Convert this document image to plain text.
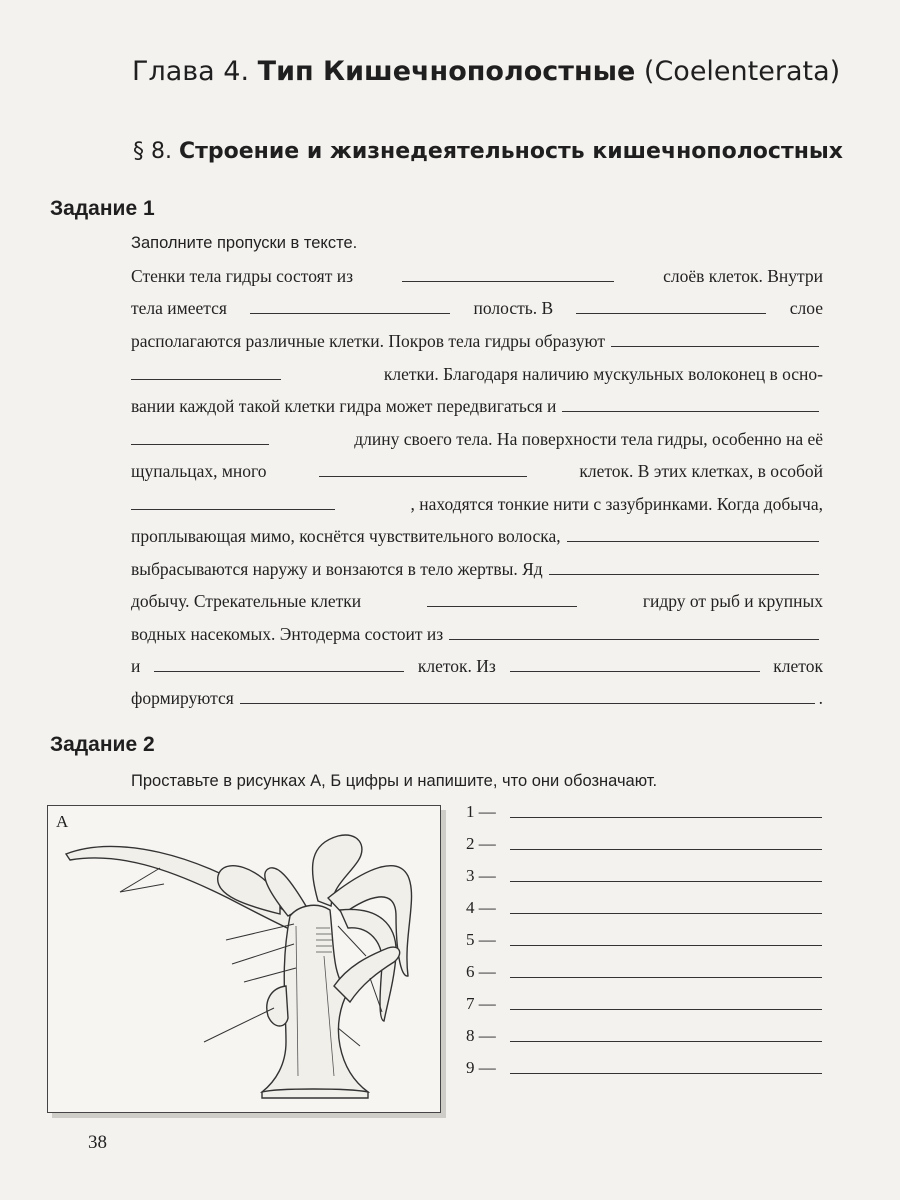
Глава 4. Тип Кишечнополостные (Coelenterata)
§ 8. Строение и жизнедеятельность кишечнополостных
Задание 1
Заполните пропуски в тексте.
Стенки тела гидры состоят из	слоёв клеток. Внутри
тела имеется	полость. В	слое
располагаются различные клетки. Покров тела гидры образуют
клетки. Благодаря наличию мускульных волоконец в осно-
вании каждой такой клетки гидра может передвигаться и
длину своего тела. На поверхности тела гидры, особенно на её
щупальцах, много	клеток. В этих клетках, в особой
, находятся тонкие нити с зазубринками. Когда добыча,
проплывающая мимо, коснётся чувствительного волоска,
выбрасываются наружу и вонзаются в тело жертвы. Яд
добычу. Стрекательные клетки	гидру от рыб и крупных
водных насекомых. Энтодерма состоит из
и	клеток. Из	клеток
формируются	.
Задание 2
Проставьте в рисунках А, Б цифры и напишите, что они обозначают.
А
1 —
2 —
3 —
4 —
5 —
6 —
7 —
8 —
9 —
38
